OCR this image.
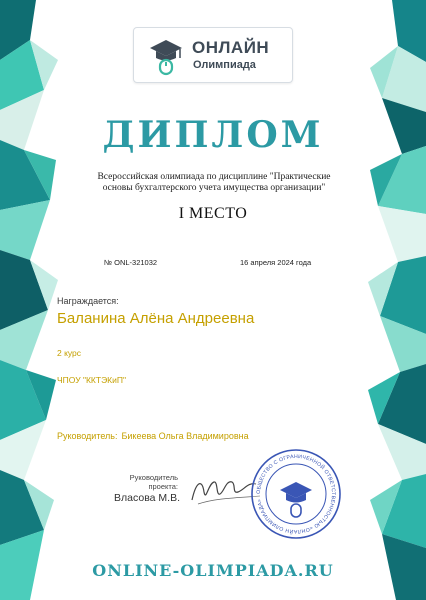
ОНЛАЙН
Олимпиада
ДИПЛОМ
Всероссийская олимпиада по дисциплине "Практические основы бухгалтерского учета имущества организации"
I МЕСТО
№ ONL-321032	16 апреля 2024 года
Награждается:
Баланина Алёна Андреевна
2 курс
ЧПОУ "ККТЭКиП"
Руководитель: Бикеева Ольга Владимировна
Руководитель проекта:
Власова М.В.
ОБЩЕСТВО С ОГРАНИЧЕННОЙ ОТВЕТСТВЕННОСТЬЮ «ОНЛАЙН ОЛИМПИАДА»
ONLINE-OLIMPIADA.RU
